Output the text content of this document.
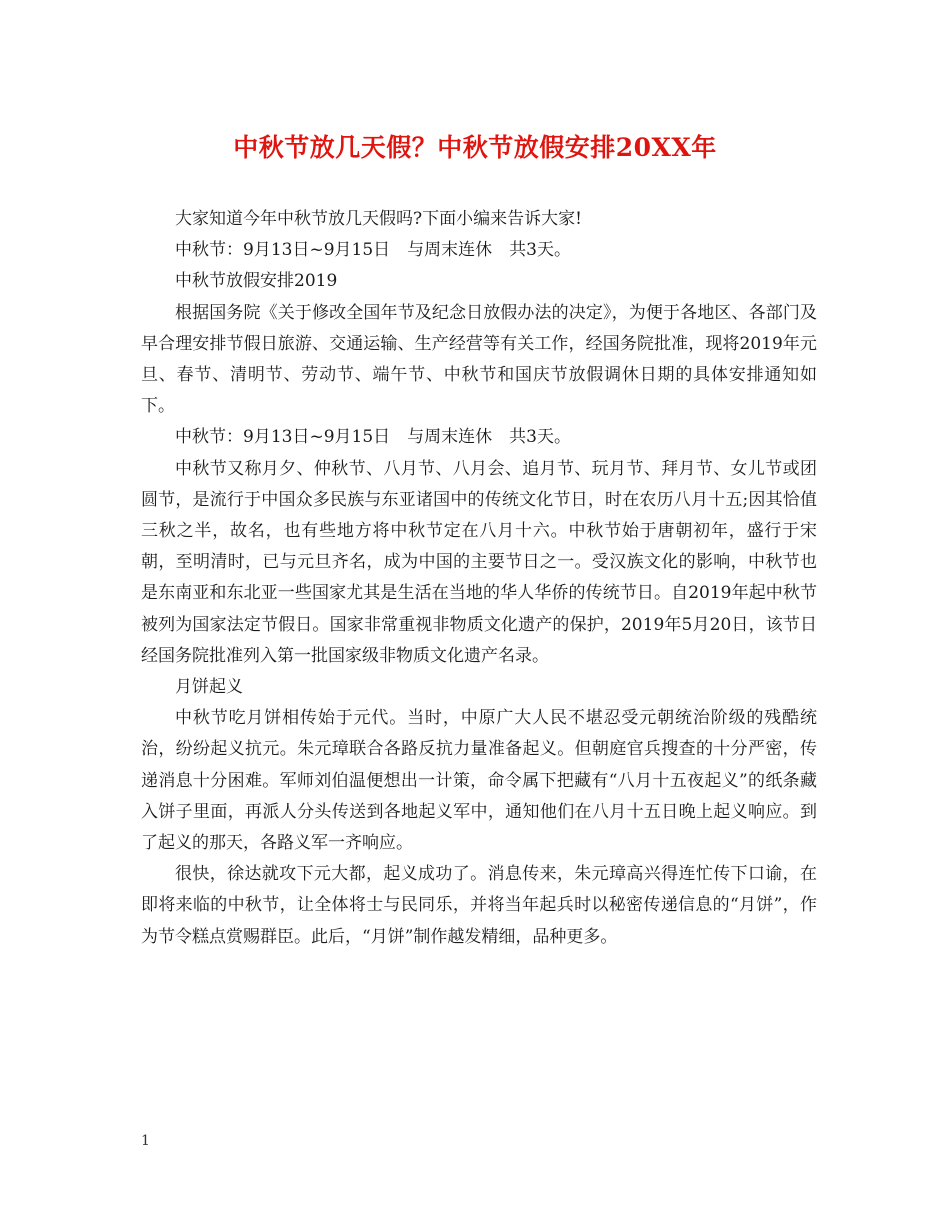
中秋节放几天假？中秋节放假安排20XX年

大家知道今年中秋节放几天假吗?下面小编来告诉大家!

中秋节：9月13日~9月15日　与周末连休　共3天。

中秋节放假安排2019

根据国务院《关于修改全国年节及纪念日放假办法的决定》，为便于各地区、各部门及早合理安排节假日旅游、交通运输、生产经营等有关工作，经国务院批准，现将2019年元旦、春节、清明节、劳动节、端午节、中秋节和国庆节放假调休日期的具体安排通知如下。

中秋节：9月13日~9月15日　与周末连休　共3天。

中秋节又称月夕、仲秋节、八月节、八月会、追月节、玩月节、拜月节、女儿节或团圆节，是流行于中国众多民族与东亚诸国中的传统文化节日，时在农历八月十五;因其恰值三秋之半，故名，也有些地方将中秋节定在八月十六。中秋节始于唐朝初年，盛行于宋朝，至明清时，已与元旦齐名，成为中国的主要节日之一。受汉族文化的影响，中秋节也是东南亚和东北亚一些国家尤其是生活在当地的华人华侨的传统节日。自2019年起中秋节被列为国家法定节假日。国家非常重视非物质文化遗产的保护，2019年5月20日，该节日经国务院批准列入第一批国家级非物质文化遗产名录。

月饼起义

中秋节吃月饼相传始于元代。当时，中原广大人民不堪忍受元朝统治阶级的残酷统治，纷纷起义抗元。朱元璋联合各路反抗力量准备起义。但朝庭官兵搜查的十分严密，传递消息十分困难。军师刘伯温便想出一计策，命令属下把藏有“八月十五夜起义”的纸条藏入饼子里面，再派人分头传送到各地起义军中，通知他们在八月十五日晚上起义响应。到了起义的那天，各路义军一齐响应。

很快，徐达就攻下元大都，起义成功了。消息传来，朱元璋高兴得连忙传下口谕，在即将来临的中秋节，让全体将士与民同乐，并将当年起兵时以秘密传递信息的“月饼”，作为节令糕点赏赐群臣。此后，“月饼”制作越发精细，品种更多。

1
